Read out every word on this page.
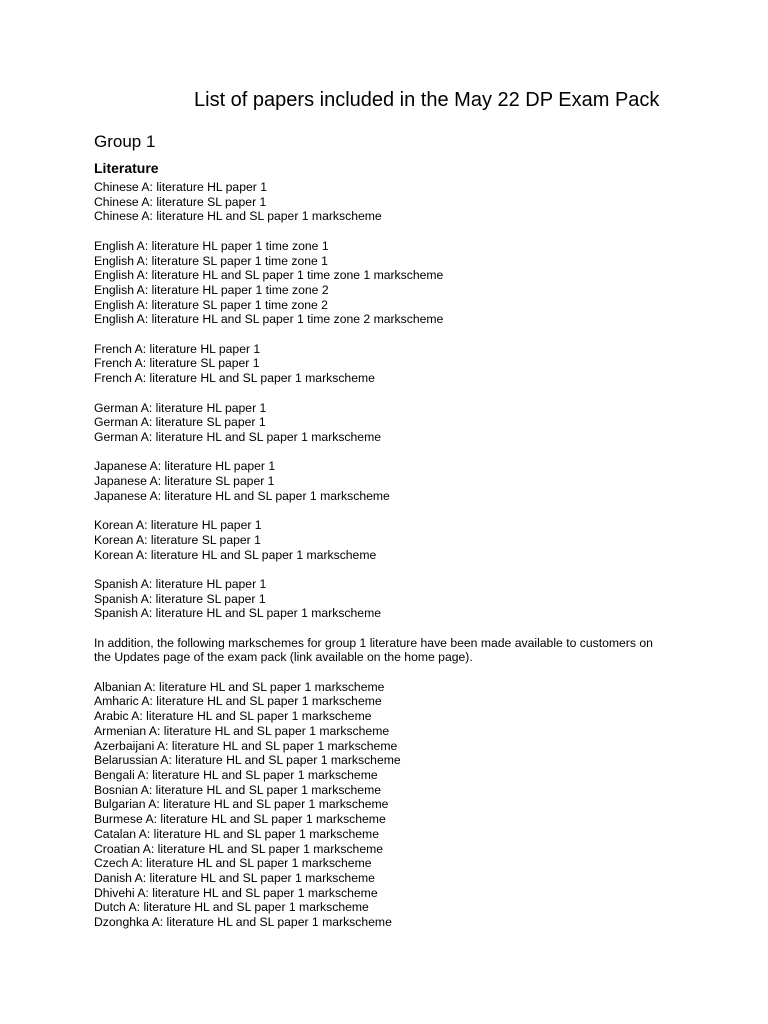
List of papers included in the May 22 DP Exam Pack
Group 1
Literature
Chinese A: literature HL paper 1
Chinese A: literature SL paper 1
Chinese A: literature HL and SL paper 1 markscheme
English A: literature HL paper 1 time zone 1
English A: literature SL paper 1 time zone 1
English A: literature HL and SL paper 1 time zone 1 markscheme
English A: literature HL paper 1 time zone 2
English A: literature SL paper 1 time zone 2
English A: literature HL and SL paper 1 time zone 2 markscheme
French A: literature HL paper 1
French A: literature SL paper 1
French A: literature HL and SL paper 1 markscheme
German A: literature HL paper 1
German A: literature SL paper 1
German A: literature HL and SL paper 1 markscheme
Japanese A: literature HL paper 1
Japanese A: literature SL paper 1
Japanese A: literature HL and SL paper 1 markscheme
Korean A: literature HL paper 1
Korean A: literature SL paper 1
Korean A: literature HL and SL paper 1 markscheme
Spanish A: literature HL paper 1
Spanish A: literature SL paper 1
Spanish A: literature HL and SL paper 1 markscheme
In addition, the following markschemes for group 1 literature have been made available to customers on the Updates page of the exam pack (link available on the home page).
Albanian A: literature HL and SL paper 1 markscheme
Amharic A: literature HL and SL paper 1 markscheme
Arabic A: literature HL and SL paper 1 markscheme
Armenian A: literature HL and SL paper 1 markscheme
Azerbaijani A: literature HL and SL paper 1 markscheme
Belarussian A: literature HL and SL paper 1 markscheme
Bengali A: literature HL and SL paper 1 markscheme
Bosnian A: literature HL and SL paper 1 markscheme
Bulgarian A: literature HL and SL paper 1 markscheme
Burmese A: literature HL and SL paper 1 markscheme
Catalan A: literature HL and SL paper 1 markscheme
Croatian A: literature HL and SL paper 1 markscheme
Czech A: literature HL and SL paper 1 markscheme
Danish A: literature HL and SL paper 1 markscheme
Dhivehi A: literature HL and SL paper 1 markscheme
Dutch A: literature HL and SL paper 1 markscheme
Dzonghka A: literature HL and SL paper 1 markscheme
